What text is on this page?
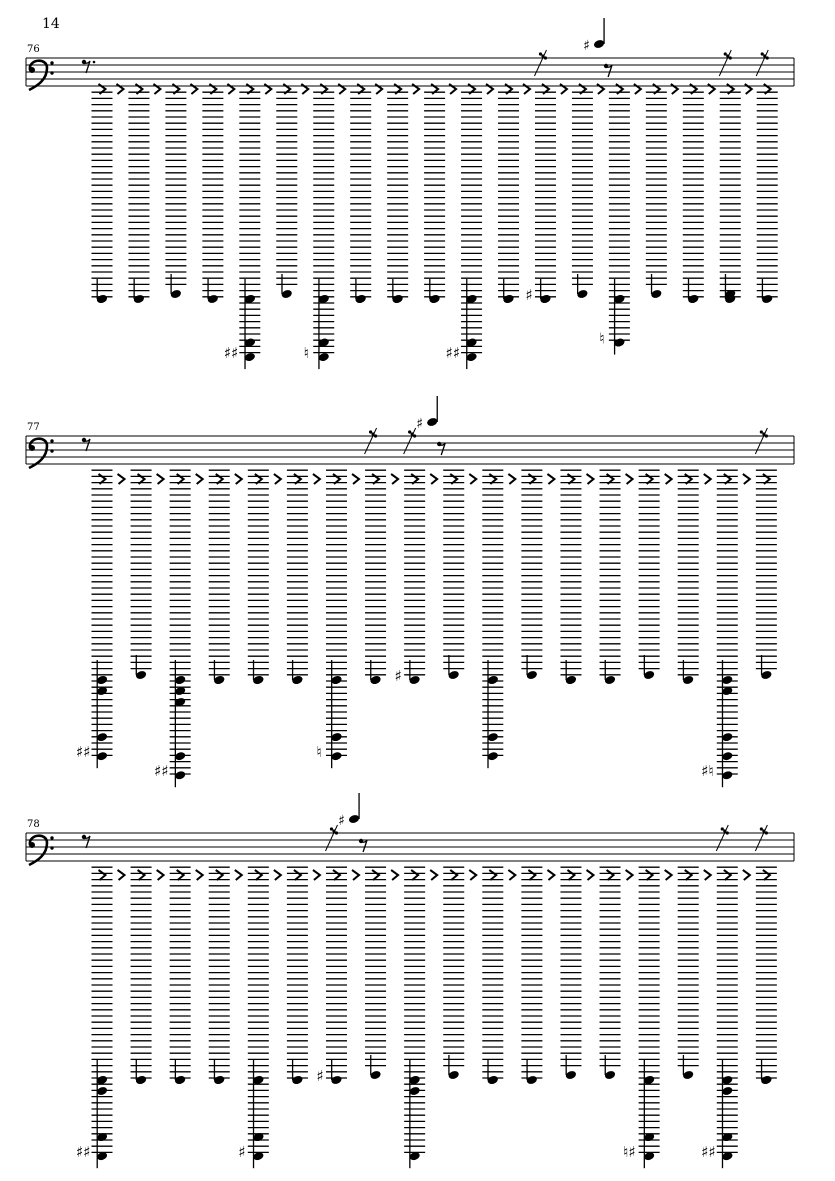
14
76
♯♯	♮	♯♯
♯
♮
♯
77
♯♯
♯♯
♮
♯
♯♮
♯
78
♯♯	♯
♯
♮♯	♯♯
♯
